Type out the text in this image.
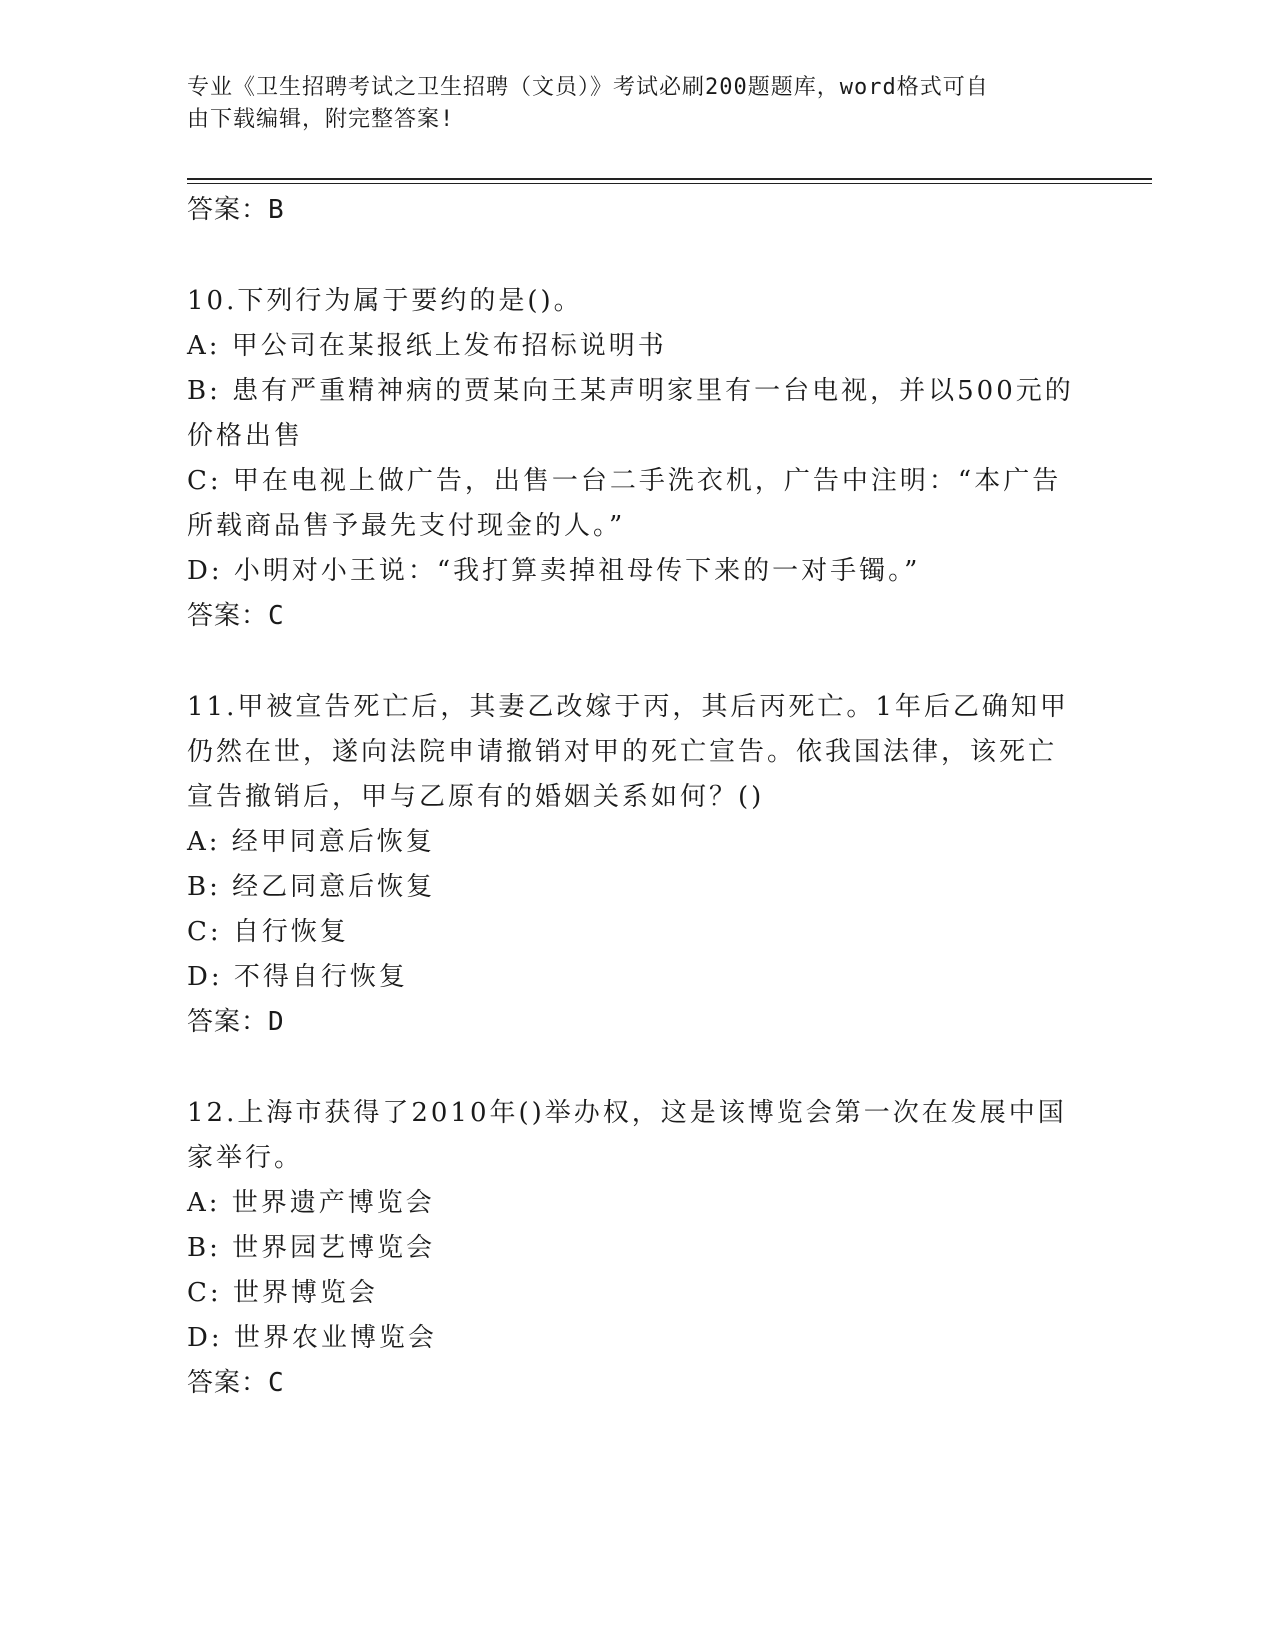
专业《卫生招聘考试之卫生招聘（文员）》考试必刷200题题库，word格式可自
由下载编辑，附完整答案!
答案：B
10.下列行为属于要约的是()。
A: 甲公司在某报纸上发布招标说明书
B: 患有严重精神病的贾某向王某声明家里有一台电视，并以500元的
价格出售
C: 甲在电视上做广告，出售一台二手洗衣机，广告中注明：“本广告
所载商品售予最先支付现金的人。”
D: 小明对小王说：“我打算卖掉祖母传下来的一对手镯。”
答案：C
11.甲被宣告死亡后，其妻乙改嫁于丙，其后丙死亡。1年后乙确知甲
仍然在世，遂向法院申请撤销对甲的死亡宣告。依我国法律，该死亡
宣告撤销后，甲与乙原有的婚姻关系如何？()
A: 经甲同意后恢复
B: 经乙同意后恢复
C: 自行恢复
D: 不得自行恢复
答案：D
12.上海市获得了2010年()举办权，这是该博览会第一次在发展中国
家举行。
A: 世界遗产博览会
B: 世界园艺博览会
C: 世界博览会
D: 世界农业博览会
答案：C
